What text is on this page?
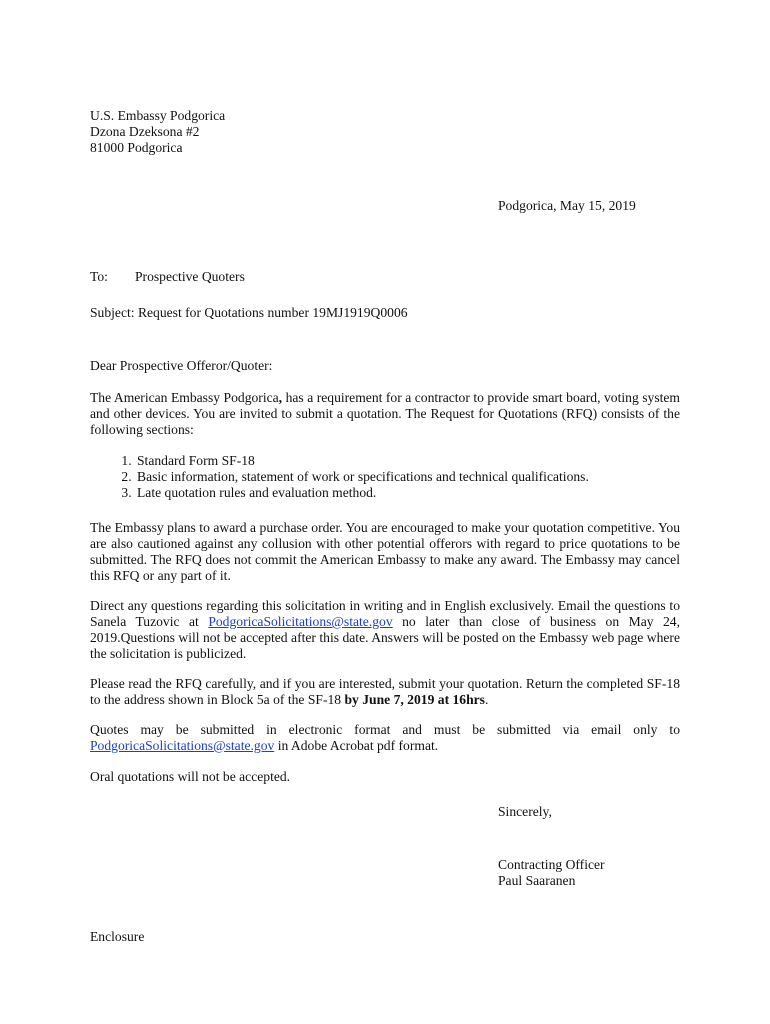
U.S. Embassy Podgorica
Dzona Dzeksona #2
81000 Podgorica
Podgorica, May 15, 2019
To: Prospective Quoters
Subject: Request for Quotations number 19MJ1919Q0006
Dear Prospective Offeror/Quoter:
The American Embassy Podgorica, has a requirement for a contractor to provide smart board, voting system and other devices. You are invited to submit a quotation. The Request for Quotations (RFQ) consists of the following sections:
1. Standard Form SF-18
2. Basic information, statement of work or specifications and technical qualifications.
3. Late quotation rules and evaluation method.
The Embassy plans to award a purchase order. You are encouraged to make your quotation competitive. You are also cautioned against any collusion with other potential offerors with regard to price quotations to be submitted. The RFQ does not commit the American Embassy to make any award. The Embassy may cancel this RFQ or any part of it.
Direct any questions regarding this solicitation in writing and in English exclusively. Email the questions to Sanela Tuzovic at PodgoricaSolicitations@state.gov no later than close of business on May 24, 2019.Questions will not be accepted after this date. Answers will be posted on the Embassy web page where the solicitation is publicized.
Please read the RFQ carefully, and if you are interested, submit your quotation. Return the completed SF-18 to the address shown in Block 5a of the SF-18 by June 7, 2019 at 16hrs.
Quotes may be submitted in electronic format and must be submitted via email only to PodgoricaSolicitations@state.gov in Adobe Acrobat pdf format.
Oral quotations will not be accepted.
Sincerely,
Contracting Officer
Paul Saaranen
Enclosure
